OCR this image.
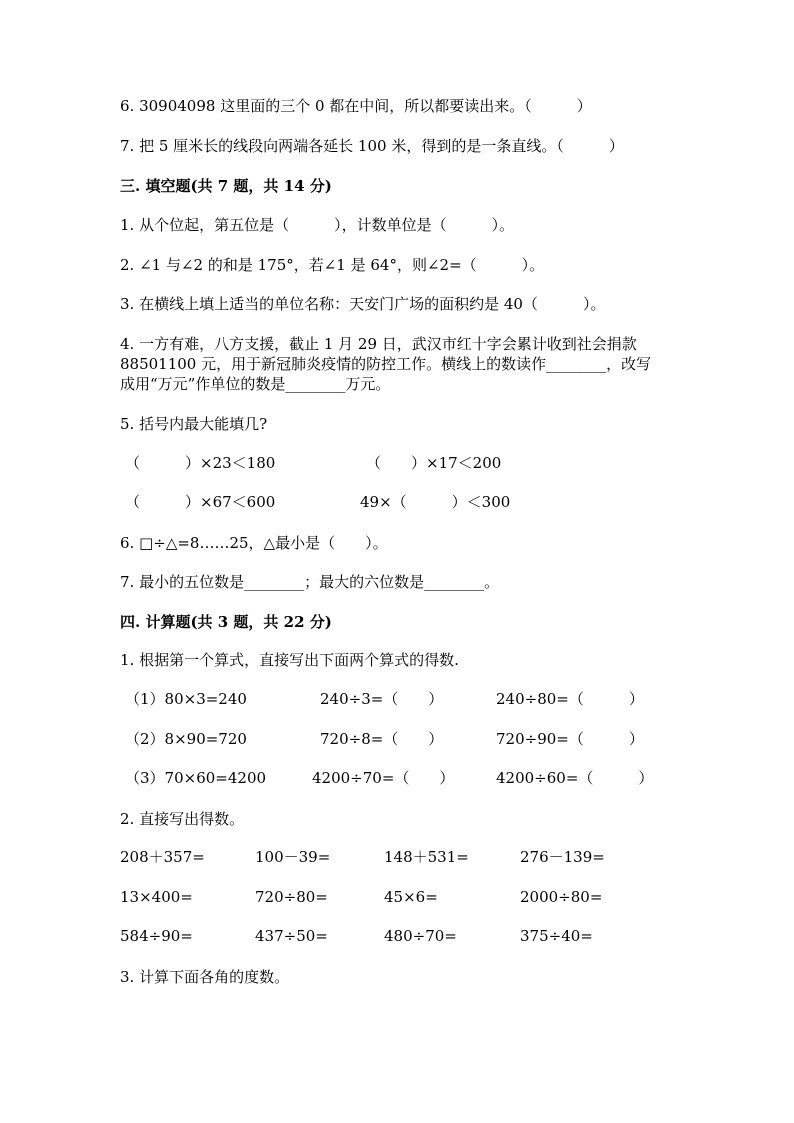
6. 30904098 这里面的三个 0 都在中间，所以都要读出来。（　　　）
7. 把 5 厘米长的线段向两端各延长 100 米，得到的是一条直线。（　　　）
三. 填空题(共 7 题，共 14 分)
1. 从个位起，第五位是（　　　），计数单位是（　　　）。
2. ∠1 与∠2 的和是 175°，若∠1 是 64°，则∠2=（　　　）。
3. 在横线上填上适当的单位名称：天安门广场的面积约是 40（　　　）。
4. 一方有难，八方支援，截止 1 月 29 日，武汉市红十字会累计收到社会捐款
88501100 元，用于新冠肺炎疫情的防控工作。横线上的数读作________，改写
成用“万元”作单位的数是________万元。
5. 括号内最大能填几?
（　　　）×23＜180	（　　）×17＜200
（　　　）×67＜600	49×（　　　）＜300
6. □÷△=8……25，△最小是（　　）。
7. 最小的五位数是________；最大的六位数是________。
四. 计算题(共 3 题，共 22 分)
1. 根据第一个算式，直接写出下面两个算式的得数.
（1）80×3=240	240÷3=（　　）	240÷80=（　　　）
（2）8×90=720	720÷8=（　　）	720÷90=（　　　）
（3）70×60=4200	4200÷70=（　　）	4200÷60=（　　　）
2. 直接写出得数。
208＋357=	100－39=	148＋531=	276－139=
13×400=	720÷80=	45×6=	2000÷80=
584÷90=	437÷50=	480÷70=	375÷40=
3. 计算下面各角的度数。
